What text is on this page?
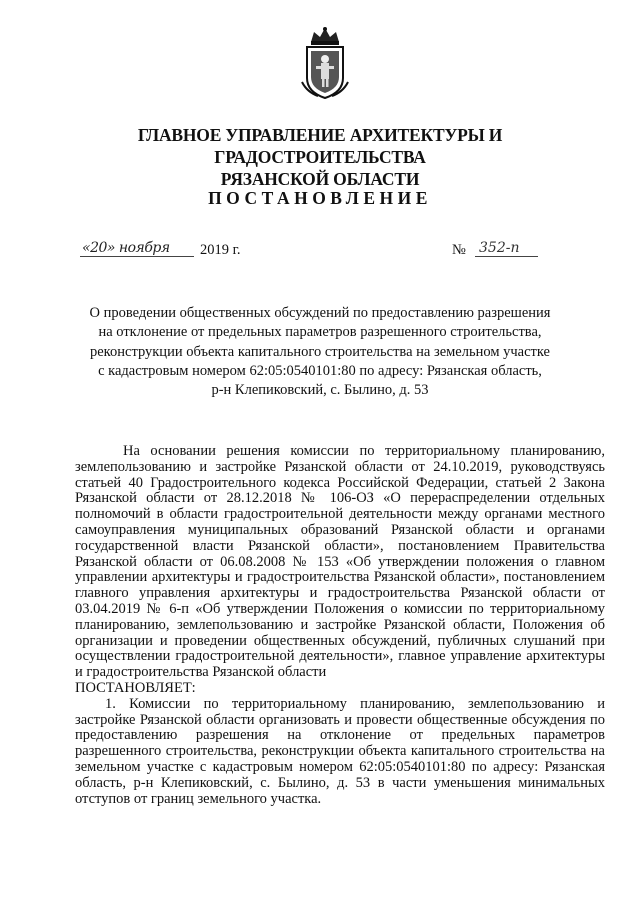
ГЛАВНОЕ УПРАВЛЕНИЕ АРХИТЕКТУРЫ И ГРАДОСТРОИТЕЛЬСТВА
РЯЗАНСКОЙ ОБЛАСТИ
ПОСТАНОВЛЕНИЕ
«20» ноября	2019 г.	№ 352-п
О проведении общественных обсуждений по предоставлению разрешения
на отклонение от предельных параметров разрешенного строительства,
реконструкции объекта капитального строительства на земельном участке
с кадастровым номером 62:05:0540101:80 по адресу: Рязанская область,
р-н Клепиковский, с. Былино, д. 53

На основании решения комиссии по территориальному планированию, землепользованию и застройке Рязанской области от 24.10.2019, руководствуясь статьей 40 Градостроительного кодекса Российской Федерации, статьей 2 Закона Рязанской области от 28.12.2018 № 106-ОЗ «О перераспределении отдельных полномочий в области градостроительной деятельности между органами местного самоуправления муниципальных образований Рязанской области и органами государственной власти Рязанской области», постановлением Правительства Рязанской области от 06.08.2008 № 153 «Об утверждении положения о главном управлении архитектуры и градостроительства Рязанской области», постановлением главного управления архитектуры и градостроительства Рязанской области от 03.04.2019 № 6-п «Об утверждении Положения о комиссии по территориальному планированию, землепользованию и застройке Рязанской области, Положения об организации и проведении общественных обсуждений, публичных слушаний при осуществлении градостроительной деятельности», главное управление архитектуры и градостроительства Рязанской области

ПОСТАНОВЛЯЕТ:

1. Комиссии по территориальному планированию, землепользованию и застройке Рязанской области организовать и провести общественные обсуждения по предоставлению разрешения на отклонение от предельных параметров разрешенного строительства, реконструкции объекта капитального строительства на земельном участке с кадастровым номером 62:05:0540101:80 по адресу: Рязанская область, р-н Клепиковский, с. Былино, д. 53 в части уменьшения минимальных отступов от границ земельного участка.
